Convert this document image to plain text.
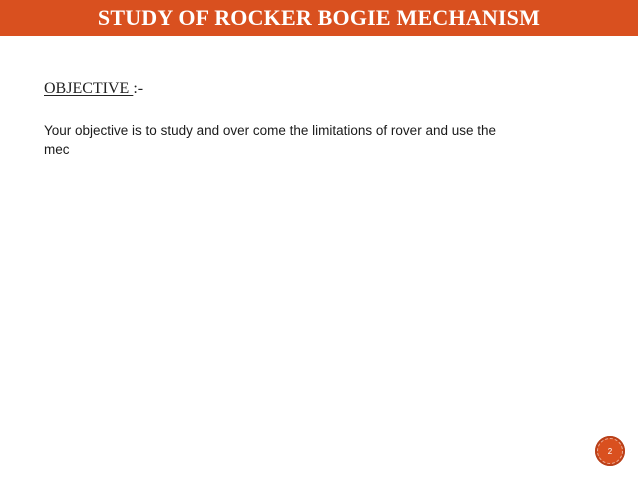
STUDY OF ROCKER BOGIE MECHANISM
OBJECTIVE :-
Your objective is to study and over come the limitations of rover and use the
mec
2
